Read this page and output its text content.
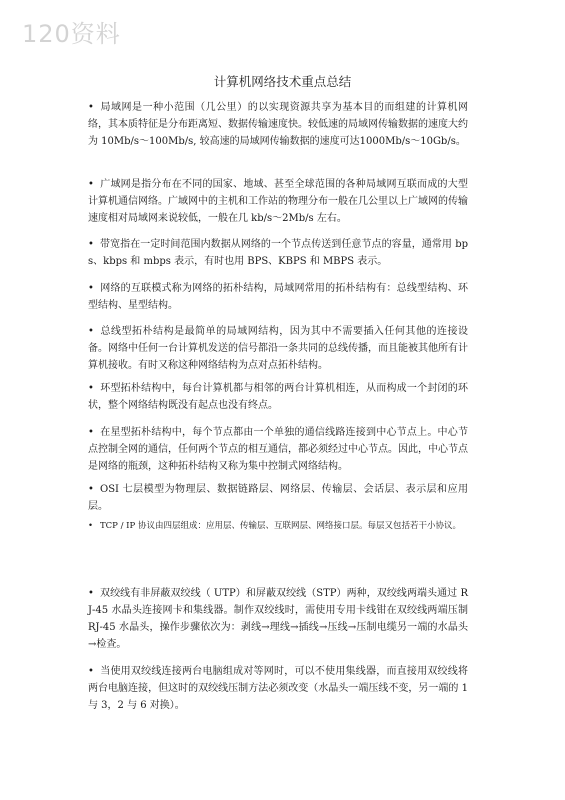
120资料
计算机网络技术重点总结

• 局域网是一种小范围（几公里）的以实现资源共享为基本目的而组建的计算机网络，其本质特征是分布距离短、数据传输速度快。较低速的局域网传输数据的速度大约为 10Mb/s～100Mb/s, 较高速的局域网传输数据的速度可达1000Mb/s～10Gb/s。

• 广域网是指分布在不同的国家、地域、甚至全球范围的各种局域网互联而成的大型计算机通信网络。广域网中的主机和工作站的物理分布一般在几公里以上广域网的传输速度相对局域网来说较低，一般在几 kb/s～2Mb/s 左右。

• 带宽指在一定时间范围内数据从网络的一个节点传送到任意节点的容量，通常用 bps、kbps 和 mbps 表示，有时也用 BPS、KBPS 和 MBPS 表示。

• 网络的互联模式称为网络的拓朴结构，局域网常用的拓朴结构有：总线型结构、环型结构、星型结构。

• 总线型拓朴结构是最简单的局域网结构，因为其中不需要插入任何其他的连接设备。网络中任何一台计算机发送的信号都沿一条共同的总线传播，而且能被其他所有计算机接收。有时又称这种网络结构为点对点拓朴结构。

• 环型拓朴结构中，每台计算机都与相邻的两台计算机相连，从而构成一个封闭的环状，整个网络结构既没有起点也没有终点。

• 在星型拓朴结构中，每个节点都由一个单独的通信线路连接到中心节点上。中心节点控制全网的通信，任何两个节点的相互通信，都必须经过中心节点。因此，中心节点是网络的瓶颈，这种拓朴结构又称为集中控制式网络结构。

• OSI 七层模型为物理层、数据链路层、网络层、传输层、会话层、表示层和应用层。

• TCP / IP 协议由四层组成：应用层、传输层、互联网层、网络接口层。每层又包括若干小协议。

• 双绞线有非屏蔽双绞线（ UTP）和屏蔽双绞线（STP）两种，双绞线两端头通过 RJ-45 水晶头连接网卡和集线器。制作双绞线时，需使用专用卡线钳在双绞线两端压制 RJ-45 水晶头，操作步骤依次为：剥线→理线→插线→压线→压制电缆另一端的水晶头→检查。

• 当使用双绞线连接两台电脑组成对等网时，可以不使用集线器，而直接用双绞线将两台电脑连接，但这时的双绞线压制方法必须改变（水晶头一端压线不变，另一端的 1 与 3，2 与 6 对换）。
